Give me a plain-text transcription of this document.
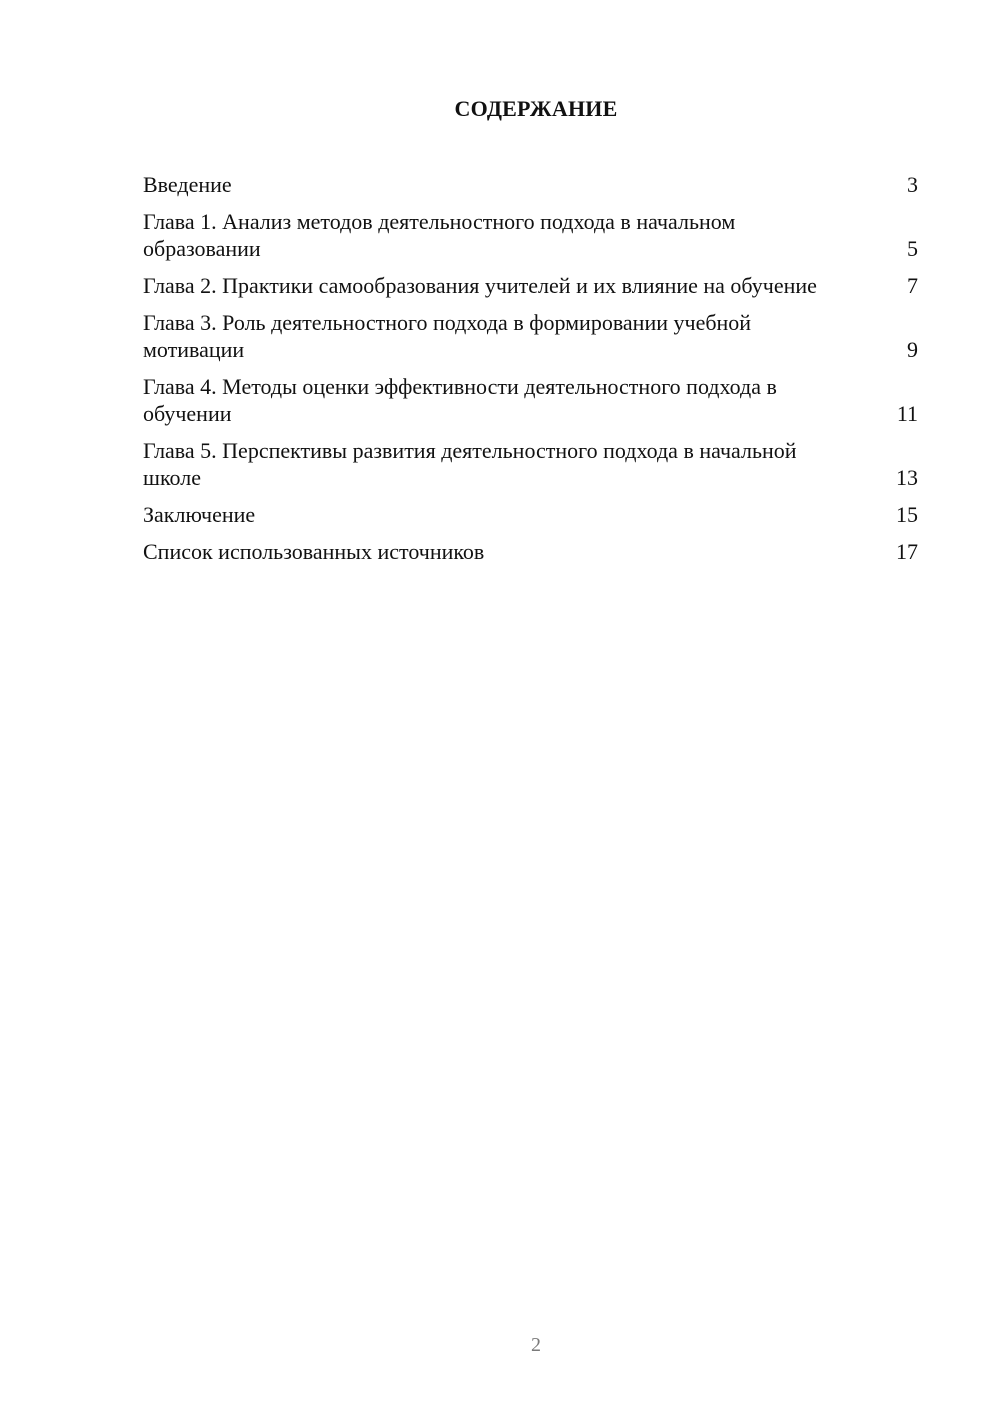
СОДЕРЖАНИЕ
Введение	3
Глава 1. Анализ методов деятельностного подхода в начальном образовании	5
Глава 2. Практики самообразования учителей и их влияние на обучение	7
Глава 3. Роль деятельностного подхода в формировании учебной мотивации	9
Глава 4. Методы оценки эффективности деятельностного подхода в обучении	11
Глава 5. Перспективы развития деятельностного подхода в начальной школе	13
Заключение	15
Список использованных источников	17
2
